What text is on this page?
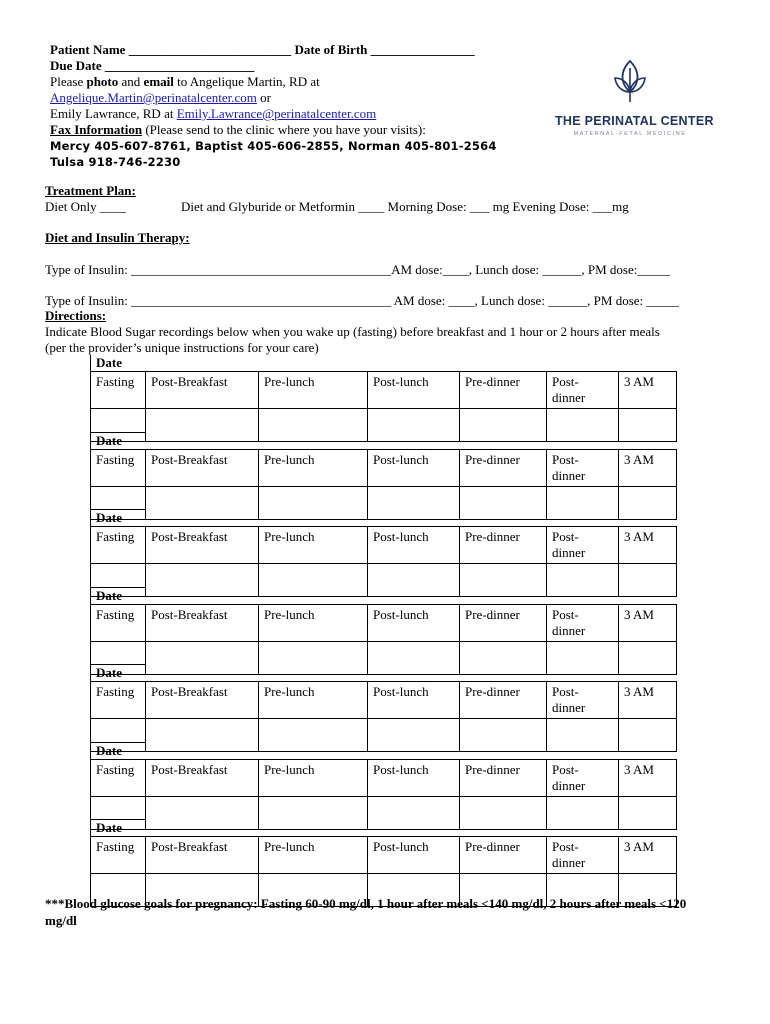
Patient Name _________________________ Date of Birth ________________
Due Date _______________________
Please photo and email to Angelique Martin, RD at
Angelique.Martin@perinatalcenter.com or
Emily Lawrance, RD at Emily.Lawrance@perinatalcenter.com
Fax Information (Please send to the clinic where you have your visits):
Mercy 405-607-8761, Baptist 405-606-2855, Norman 405-801-2564
Tulsa 918-746-2230
THE PERINATAL CENTER
MATERNAL-FETAL MEDICINE
Treatment Plan:
Diet Only ____	Diet and Glyburide or Metformin ____ Morning Dose: ___ mg Evening Dose: ___mg
Diet and Insulin Therapy:
Type of Insulin: ________________________________________AM dose:____, Lunch dose: ______, PM dose:_____
Type of Insulin: ________________________________________ AM dose: ____, Lunch dose: ______, PM dose: _____
Directions:
Indicate Blood Sugar recordings below when you wake up (fasting) before breakfast and 1 hour or 2 hours after meals
(per the provider’s unique instructions for your care)
Date						
Fasting	Post-Breakfast	Pre-lunch	Post-lunch	Pre-dinner	Post-
dinner	3 AM

Date						
Fasting	Post-Breakfast	Pre-lunch	Post-lunch	Pre-dinner	Post-
dinner	3 AM

Date						
Fasting	Post-Breakfast	Pre-lunch	Post-lunch	Pre-dinner	Post-
dinner	3 AM

Date						
Fasting	Post-Breakfast	Pre-lunch	Post-lunch	Pre-dinner	Post-
dinner	3 AM

Date						
Fasting	Post-Breakfast	Pre-lunch	Post-lunch	Pre-dinner	Post-
dinner	3 AM

Date						
Fasting	Post-Breakfast	Pre-lunch	Post-lunch	Pre-dinner	Post-
dinner	3 AM

Date						
Fasting	Post-Breakfast	Pre-lunch	Post-lunch	Pre-dinner	Post-
dinner	3 AM

***Blood glucose goals for pregnancy: Fasting 60-90 mg/dl, 1 hour after meals <140 mg/dl, 2 hours after meals <120 mg/dl
